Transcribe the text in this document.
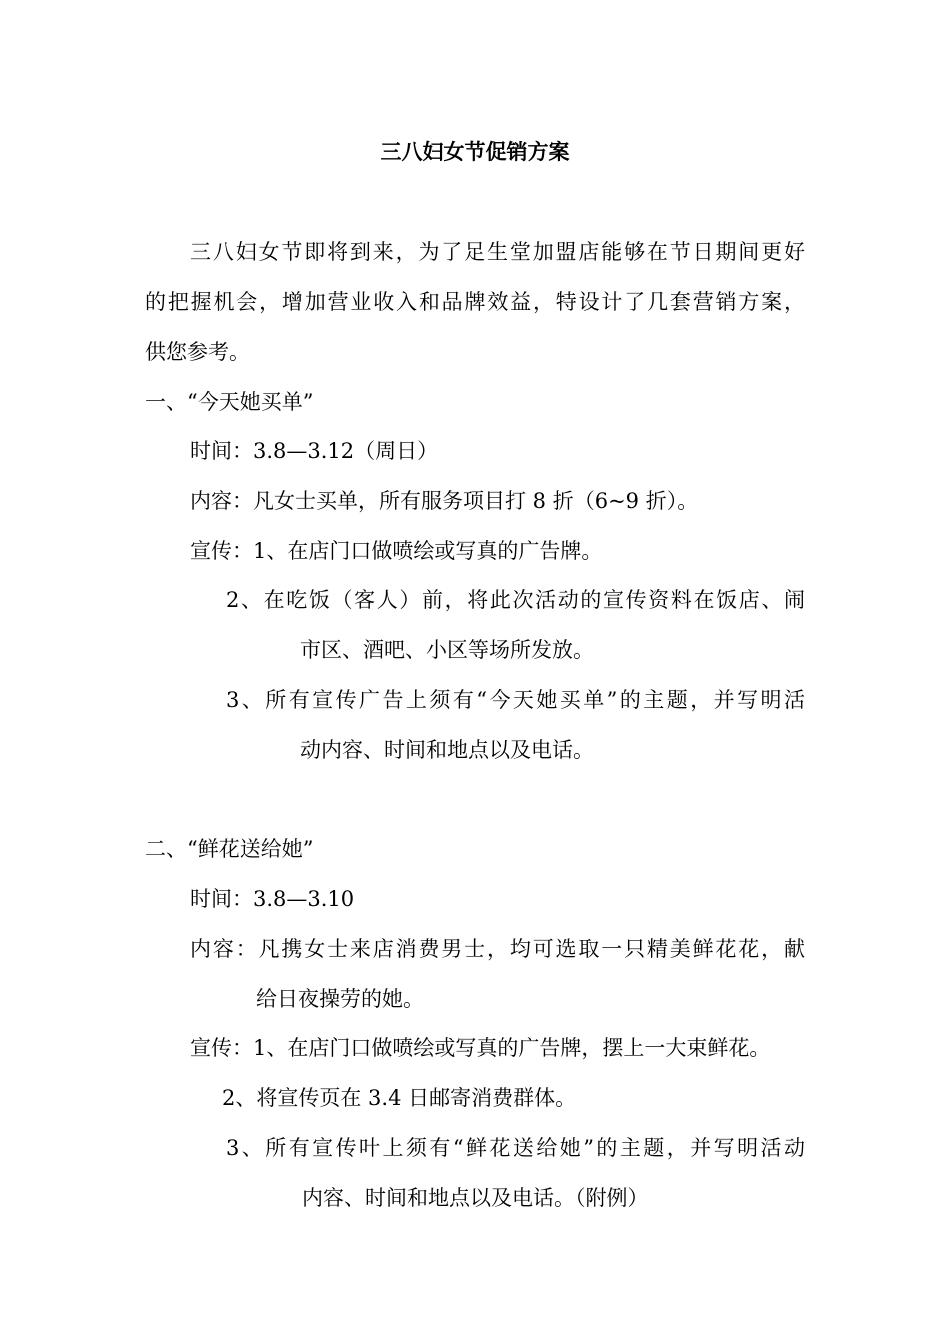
三八妇女节促销方案
三八妇女节即将到来，为了足生堂加盟店能够在节日期间更好
的把握机会，增加营业收入和品牌效益，特设计了几套营销方案，
供您参考。
一、“今天她买单”
时间：3.8—3.12（周日）
内容：凡女士买单，所有服务项目打 8 折（6~9 折）。
宣传：1、在店门口做喷绘或写真的广告牌。
2、在吃饭（客人）前，将此次活动的宣传资料在饭店、闹
市区、酒吧、小区等场所发放。
3、所有宣传广告上须有“今天她买单”的主题，并写明活
动内容、时间和地点以及电话。
二、“鲜花送给她”
时间：3.8—3.10
内容：凡携女士来店消费男士，均可选取一只精美鲜花花，献
给日夜操劳的她。
宣传：1、在店门口做喷绘或写真的广告牌，摆上一大束鲜花。
2、将宣传页在 3.4 日邮寄消费群体。
3、所有宣传叶上须有“鲜花送给她”的主题，并写明活动
内容、时间和地点以及电话。（附例）
